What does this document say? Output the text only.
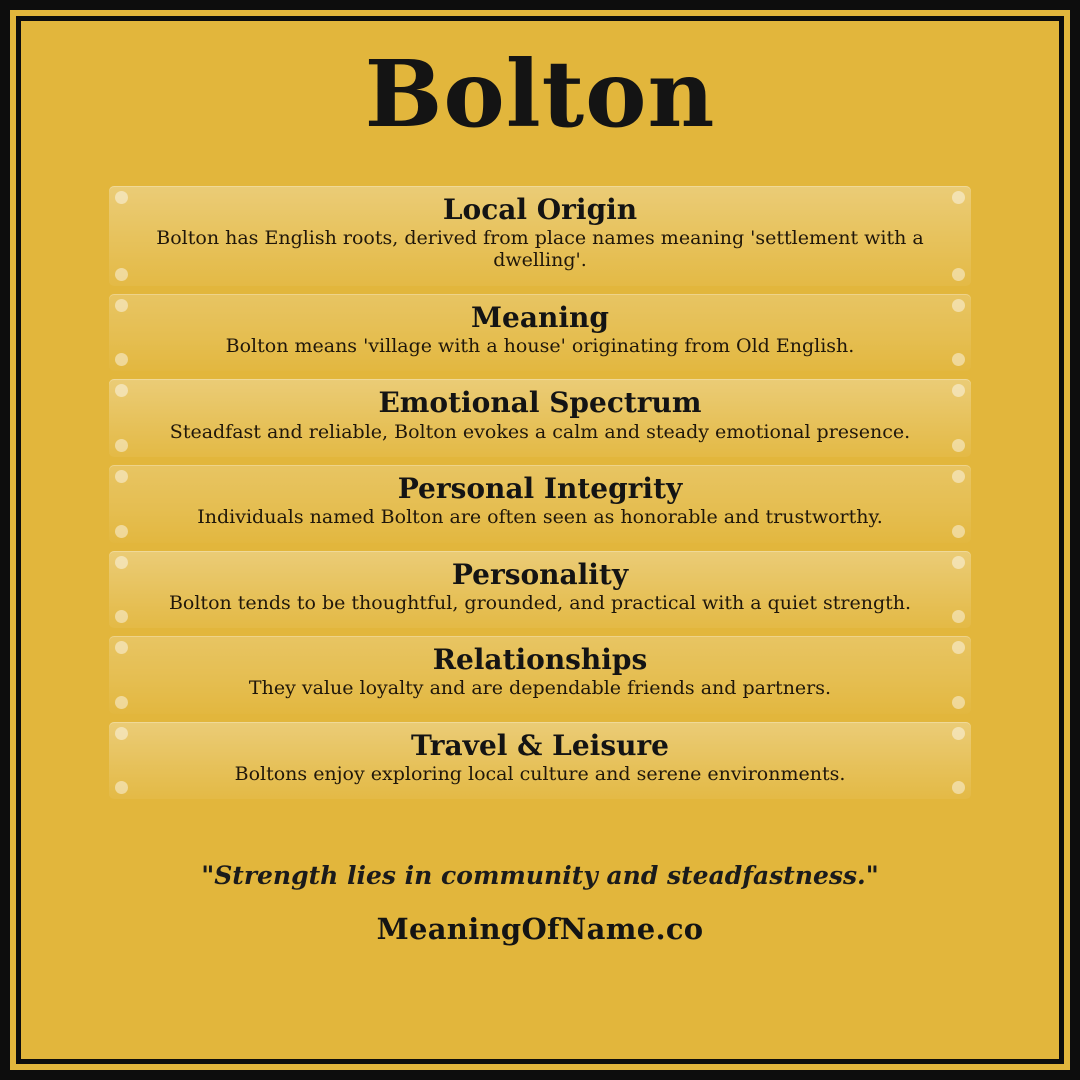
Bolton
Local Origin
Bolton has English roots, derived from place names meaning 'settlement with a dwelling'.
Meaning
Bolton means 'village with a house' originating from Old English.
Emotional Spectrum
Steadfast and reliable, Bolton evokes a calm and steady emotional presence.
Personal Integrity
Individuals named Bolton are often seen as honorable and trustworthy.
Personality
Bolton tends to be thoughtful, grounded, and practical with a quiet strength.
Relationships
They value loyalty and are dependable friends and partners.
Travel & Leisure
Boltons enjoy exploring local culture and serene environments.
"Strength lies in community and steadfastness."
MeaningOfName.co
